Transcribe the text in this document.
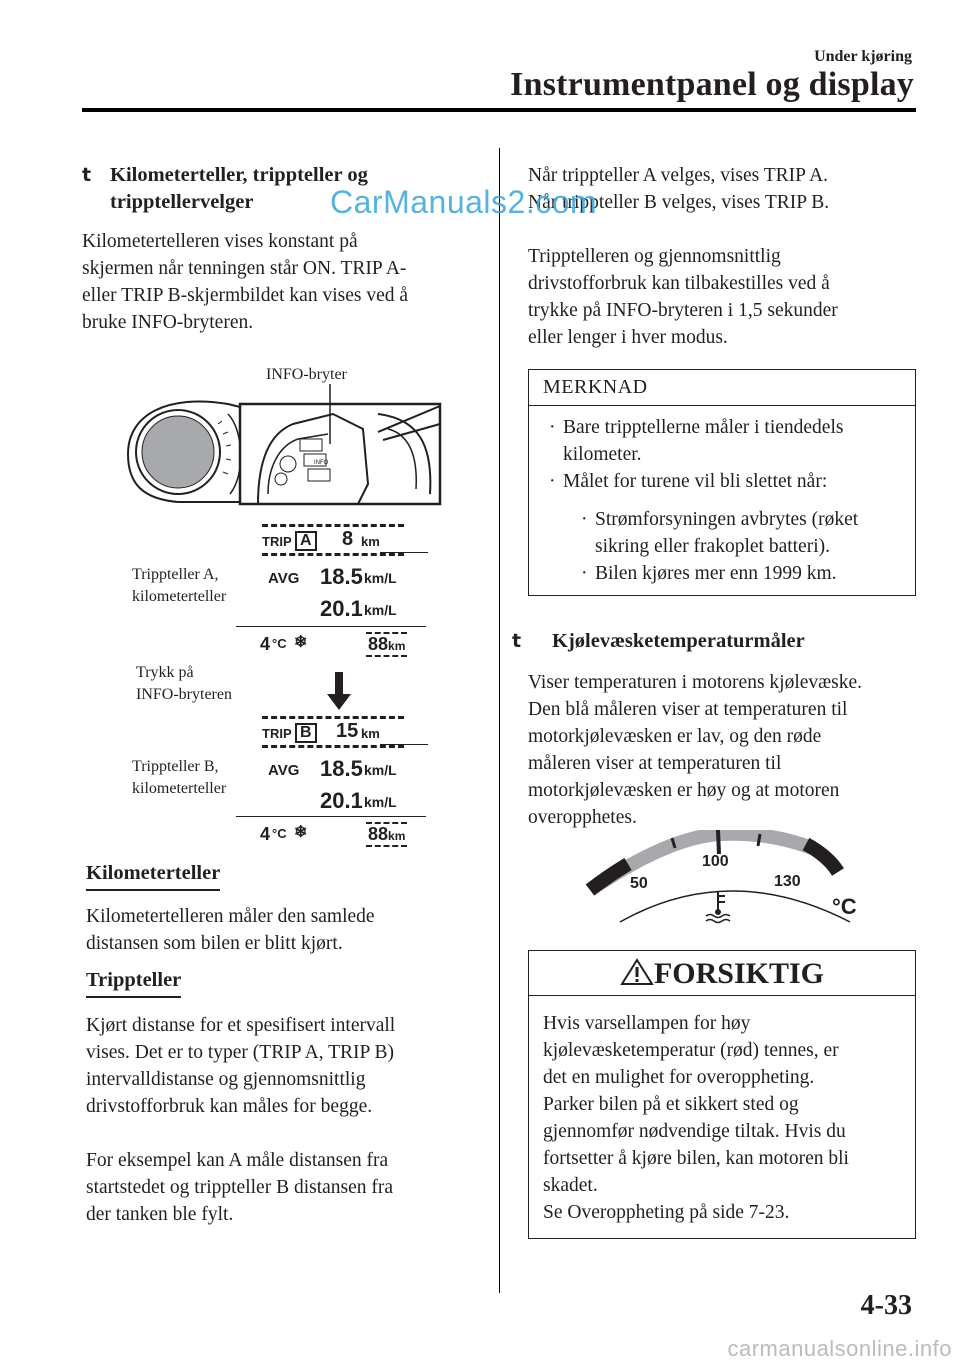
Under kjøring
Instrumentpanel og display
t Kilometerteller, trippteller og
tripptellervelger

Kilometertelleren vises konstant på

skjermen når tenningen står ON. TRIP A-

eller TRIP B-skjermbildet kan vises ved å

bruke INFO-bryteren.

INFO-bryter
INFO
Trippteller A,
kilometerteller
TRIP A 8 km
AVG 18.5 km/L
20.1 km/L
4 °C ❄	88km
Trykk på
INFO-bryteren
Trippteller B,
kilometerteller
TRIP B 15 km
AVG 18.5 km/L
20.1 km/L
4 °C ❄	88km
Kilometerteller

Kilometertelleren måler den samlede

distansen som bilen er blitt kjørt.

Trippteller

Kjørt distanse for et spesifisert intervall

vises. Det er to typer (TRIP A, TRIP B)

intervalldistanse og gjennomsnittlig

drivstofforbruk kan måles for begge.

For eksempel kan A måle distansen fra

startstedet og trippteller B distansen fra

der tanken ble fylt.

Når trippteller A velges, vises TRIP A.

Når trippteller B velges, vises TRIP B.

Tripptelleren og gjennomsnittlig

drivstofforbruk kan tilbakestilles ved å

trykke på INFO-bryteren i 1,5 sekunder

eller lenger i hver modus.

MERKNAD
· Bare tripptellerne måler i tiendedels

kilometer.

· Målet for turene vil bli slettet når:

· Strømforsyningen avbrytes (røket

sikring eller frakoplet batteri).

· Bilen kjøres mer enn 1999 km.

t Kjølevæsketemperaturmåler

Viser temperaturen i motorens kjølevæske.

Den blå måleren viser at temperaturen til

motorkjølevæsken er lav, og den røde

måleren viser at temperaturen til

motorkjølevæsken er høy og at motoren

overopphetes.

50
100
130
°C
FORSIKTIG

Hvis varsellampen for høy

kjølevæsketemperatur (rød) tennes, er

det en mulighet for overoppheting.

Parker bilen på et sikkert sted og

gjennomfør nødvendige tiltak. Hvis du

fortsetter å kjøre bilen, kan motoren bli

skadet.

Se Overoppheting på side 7-23.

CarManuals2.com
4-33
carmanualsonline.info
